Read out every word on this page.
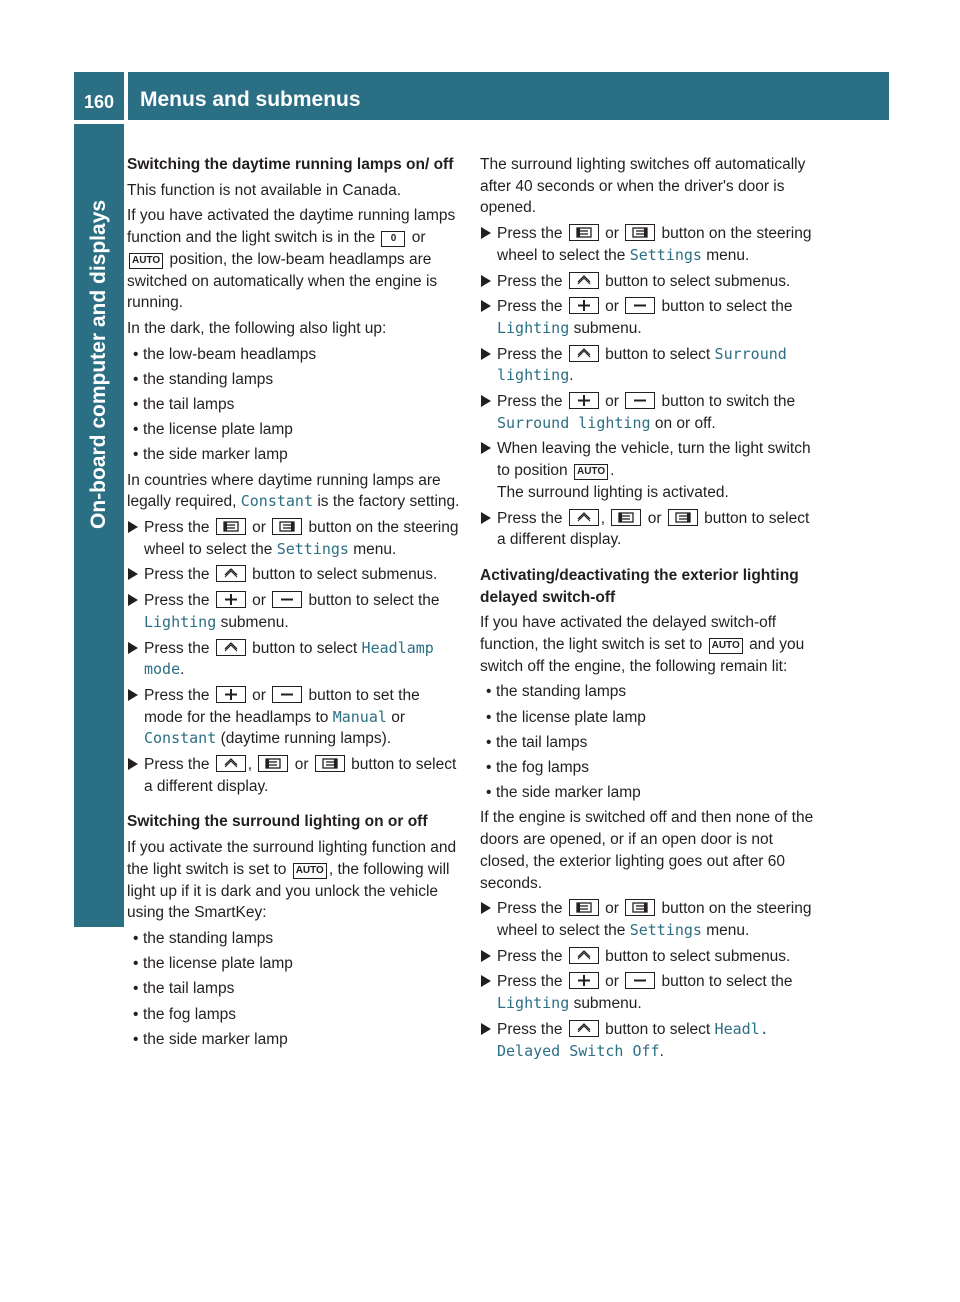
160	Menus and submenus
On-board computer and displays
Switching the daytime running lamps on/ off
This function is not available in Canada.
If you have activated the daytime running lamps function and the light switch is in the 0 or AUTO position, the low-beam headlamps are switched on automatically when the engine is running.
In the dark, the following also light up:
• the low-beam headlamps
• the standing lamps
• the tail lamps
• the license plate lamp
• the side marker lamp
In countries where daytime running lamps are legally required, Constant is the factory setting.
Press the	or	button on the steering wheel to select the Settings menu.
Press the	button to select submenus.
Press the	or	button to select the Lighting submenu.
Press the	button to select Headlamp mode.
Press the	or	button to set the mode for the headlamps to Manual or Constant (daytime running lamps).
Press the ,	or	button to select a different display.
Switching the surround lighting on or off
If you activate the surround lighting function and the light switch is set to AUTO , the following will light up if it is dark and you unlock the vehicle using the SmartKey:
• the standing lamps
• the license plate lamp
• the tail lamps
• the fog lamps
• the side marker lamp
The surround lighting switches off automatically after 40 seconds or when the driver's door is opened.
Press the	or	button on the steering wheel to select the Settings menu.
Press the	button to select submenus.
Press the	or	button to select the Lighting submenu.
Press the	button to select Surround lighting.
Press the	or	button to switch the Surround lighting on or off.
When leaving the vehicle, turn the light switch to position AUTO .
The surround lighting is activated.
Press the ,	or	button to select a different display.
Activating/deactivating the exterior lighting delayed switch-off
If you have activated the delayed switch-off function, the light switch is set to AUTO and you switch off the engine, the following remain lit:
• the standing lamps
• the license plate lamp
• the tail lamps
• the fog lamps
• the side marker lamp
If the engine is switched off and then none of the doors are opened, or if an open door is not closed, the exterior lighting goes out after 60 seconds.
Press the	or	button on the steering wheel to select the Settings menu.
Press the	button to select submenus.
Press the	or	button to select the Lighting submenu.
Press the	button to select Headl. Delayed Switch Off.
